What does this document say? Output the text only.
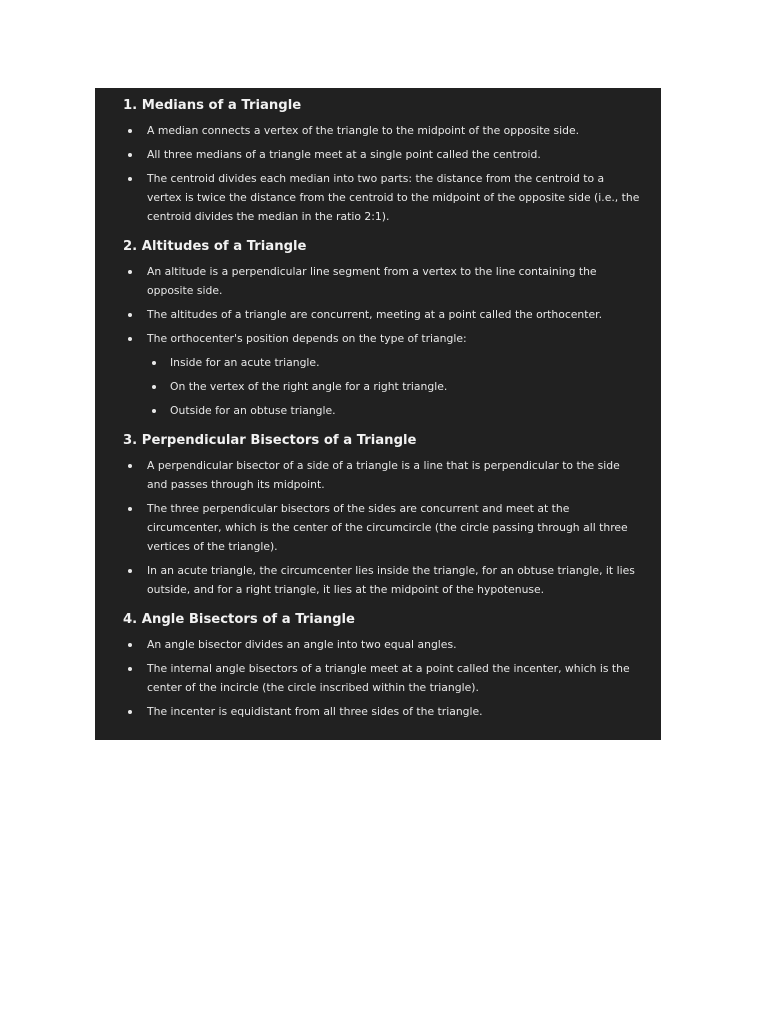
1. Medians of a Triangle
A median connects a vertex of the triangle to the midpoint of the opposite side.
All three medians of a triangle meet at a single point called the centroid.
The centroid divides each median into two parts: the distance from the centroid to a vertex is twice the distance from the centroid to the midpoint of the opposite side (i.e., the centroid divides the median in the ratio 2:1).
2. Altitudes of a Triangle
An altitude is a perpendicular line segment from a vertex to the line containing the opposite side.
The altitudes of a triangle are concurrent, meeting at a point called the orthocenter.
The orthocenter's position depends on the type of triangle:
Inside for an acute triangle.
On the vertex of the right angle for a right triangle.
Outside for an obtuse triangle.
3. Perpendicular Bisectors of a Triangle
A perpendicular bisector of a side of a triangle is a line that is perpendicular to the side and passes through its midpoint.
The three perpendicular bisectors of the sides are concurrent and meet at the circumcenter, which is the center of the circumcircle (the circle passing through all three vertices of the triangle).
In an acute triangle, the circumcenter lies inside the triangle, for an obtuse triangle, it lies outside, and for a right triangle, it lies at the midpoint of the hypotenuse.
4. Angle Bisectors of a Triangle
An angle bisector divides an angle into two equal angles.
The internal angle bisectors of a triangle meet at a point called the incenter, which is the center of the incircle (the circle inscribed within the triangle).
The incenter is equidistant from all three sides of the triangle.
